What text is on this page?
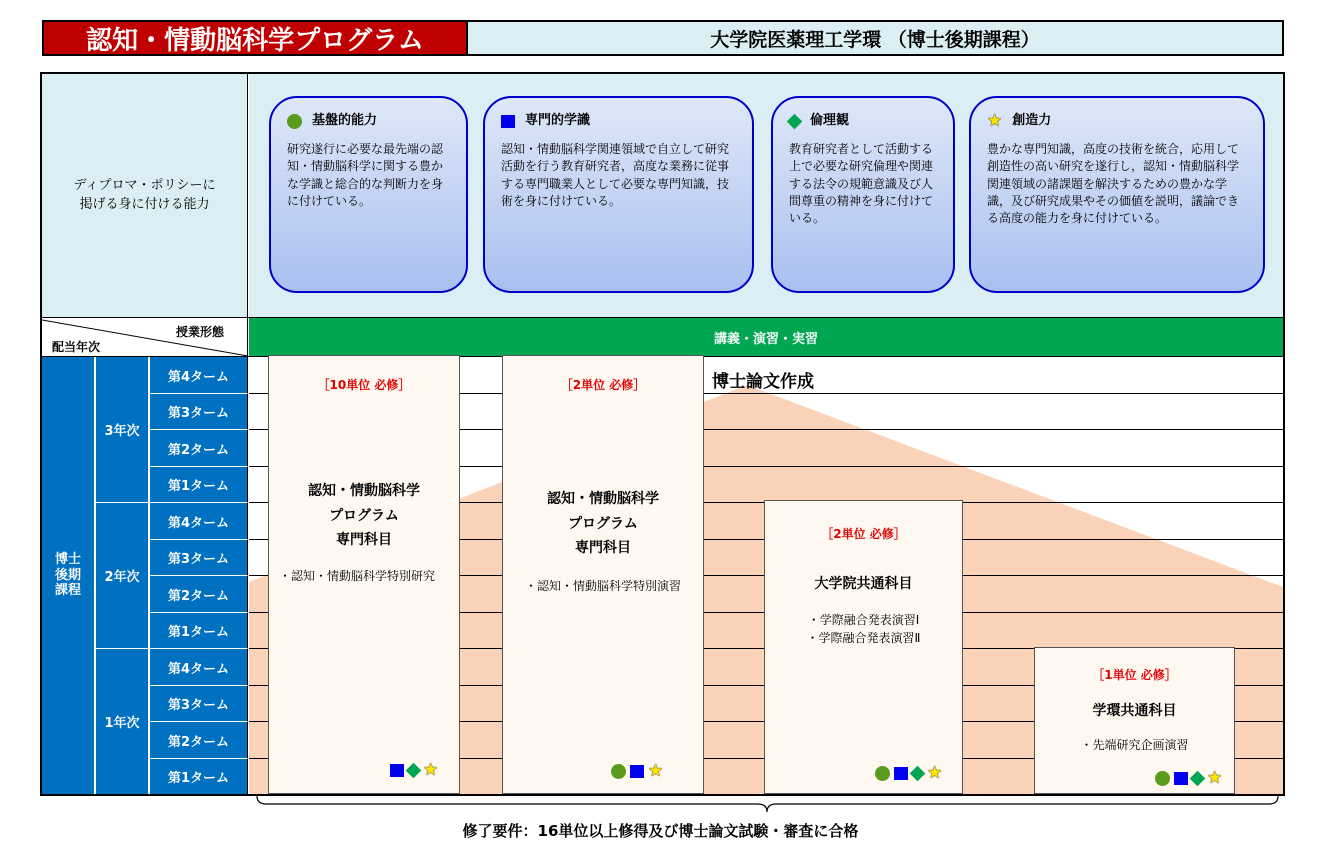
認知・情動脳科学プログラム	大学院医薬理工学環 （博士後期課程）
ディプロマ・ポリシーに
掲げる身に付ける能力
基盤的能力
研究遂行に必要な最先端の認知・情動脳科学に関する豊かな学識と総合的な判断力を身に付けている。
専門的学識
認知・情動脳科学関連領域で自立して研究活動を行う教育研究者，高度な業務に従事する専門職業人として必要な専門知識，技術を身に付けている。
倫理観
教育研究者として活動する上で必要な研究倫理や関連する法令の規範意識及び人間尊重の精神を身に付けている。
★ 創造力
豊かな専門知識，高度の技術を統合，応用して創造性の高い研究を遂行し，認知・情動脳科学関連領域の諸課題を解決するための豊かな学識，及び研究成果やその価値を説明，議論できる高度の能力を身に付けている。
授業形態
配当年次
講義・演習・実習
博士後期課程
3年次
2年次
1年次
第4ターム
第3ターム
第2ターム
第1ターム
第4ターム
第3ターム
第2ターム
第1ターム
第4ターム
第3ターム
第2ターム
第1ターム
博士論文作成
［10単位 必修］
認知・情動脳科学
プログラム
専門科目
・認知・情動脳科学特別研究
★
［2単位 必修］
認知・情動脳科学
プログラム
専門科目
・認知・情動脳科学特別演習
★
［2単位 必修］
大学院共通科目
・学際融合発表演習Ⅰ
・学際融合発表演習Ⅱ
★
［1単位 必修］
学環共通科目
・先端研究企画演習
★
修了要件：16単位以上修得及び博士論文試験・審査に合格
